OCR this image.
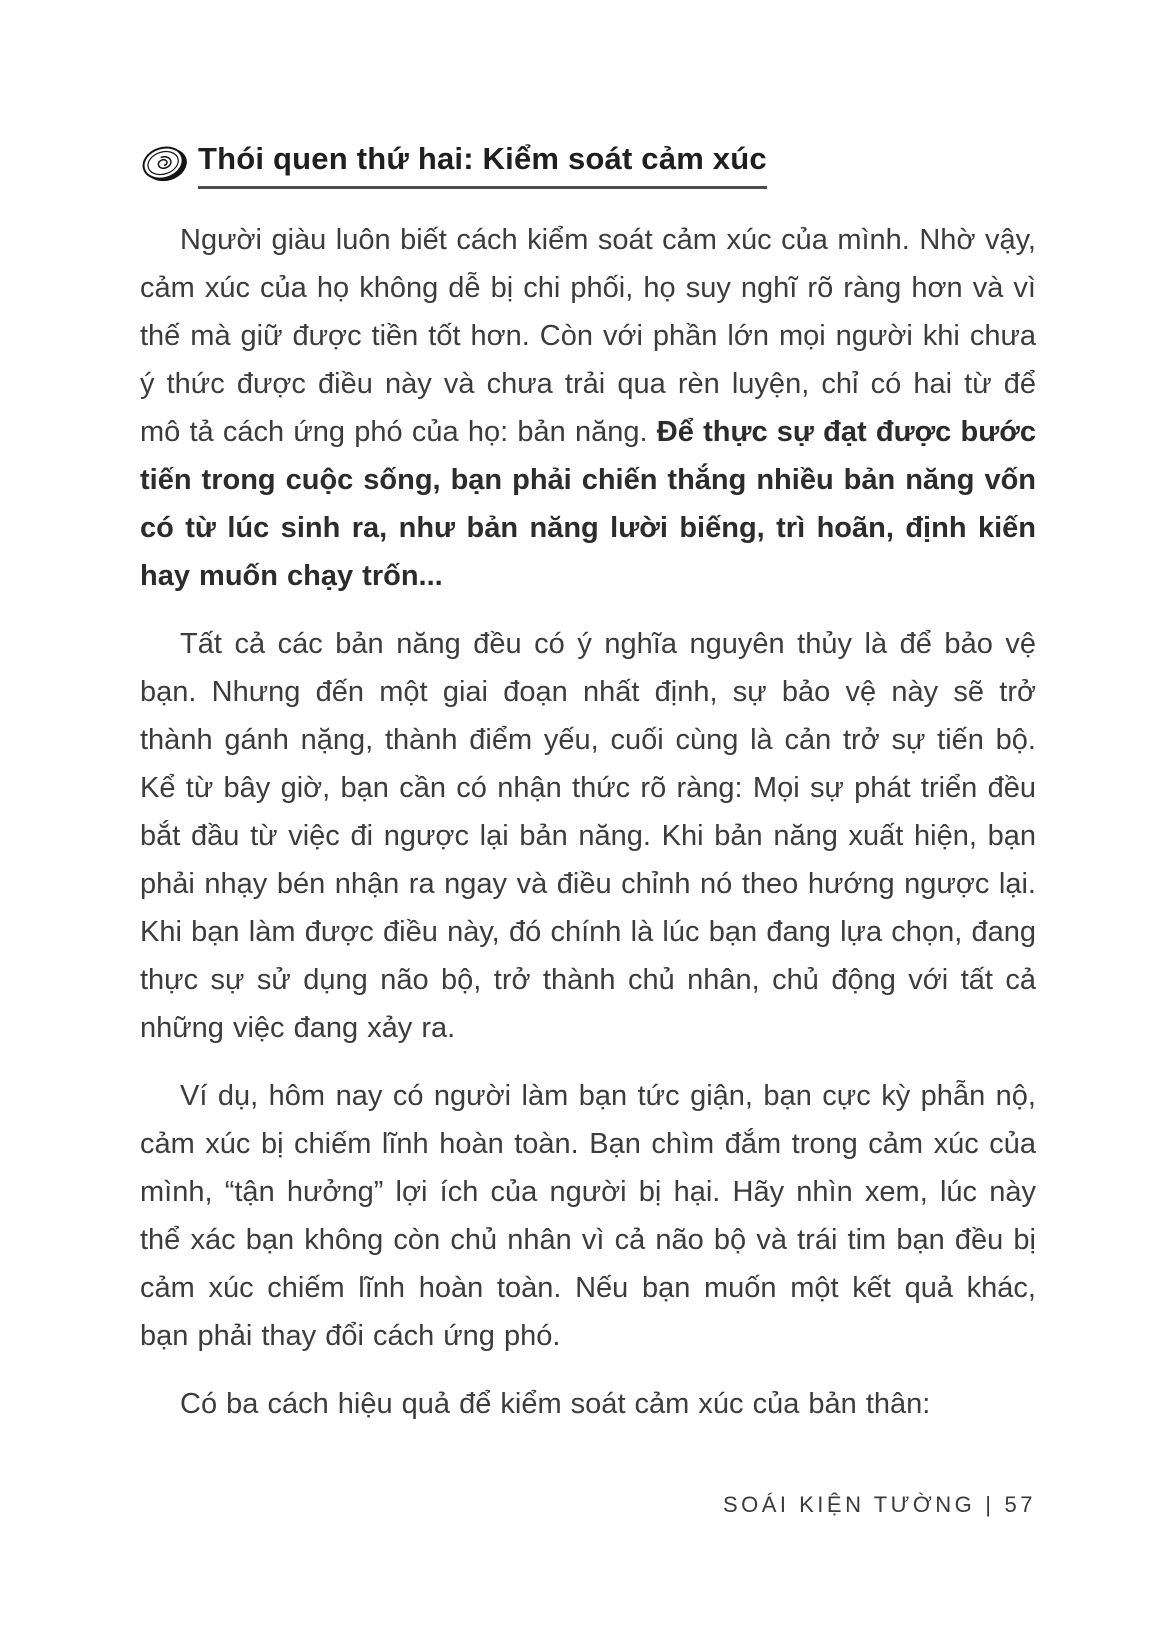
Thói quen thứ hai: Kiểm soát cảm xúc

Người giàu luôn biết cách kiểm soát cảm xúc của mình. Nhờ vậy, cảm xúc của họ không dễ bị chi phối, họ suy nghĩ rõ ràng hơn và vì thế mà giữ được tiền tốt hơn. Còn với phần lớn mọi người khi chưa ý thức được điều này và chưa trải qua rèn luyện, chỉ có hai từ để mô tả cách ứng phó của họ: bản năng. Để thực sự đạt được bước tiến trong cuộc sống, bạn phải chiến thắng nhiều bản năng vốn có từ lúc sinh ra, như bản năng lười biếng, trì hoãn, định kiến hay muốn chạy trốn...

Tất cả các bản năng đều có ý nghĩa nguyên thủy là để bảo vệ bạn. Nhưng đến một giai đoạn nhất định, sự bảo vệ này sẽ trở thành gánh nặng, thành điểm yếu, cuối cùng là cản trở sự tiến bộ. Kể từ bây giờ, bạn cần có nhận thức rõ ràng: Mọi sự phát triển đều bắt đầu từ việc đi ngược lại bản năng. Khi bản năng xuất hiện, bạn phải nhạy bén nhận ra ngay và điều chỉnh nó theo hướng ngược lại. Khi bạn làm được điều này, đó chính là lúc bạn đang lựa chọn, đang thực sự sử dụng não bộ, trở thành chủ nhân, chủ động với tất cả những việc đang xảy ra.

Ví dụ, hôm nay có người làm bạn tức giận, bạn cực kỳ phẫn nộ, cảm xúc bị chiếm lĩnh hoàn toàn. Bạn chìm đắm trong cảm xúc của mình, “tận hưởng” lợi ích của người bị hại. Hãy nhìn xem, lúc này thể xác bạn không còn chủ nhân vì cả não bộ và trái tim bạn đều bị cảm xúc chiếm lĩnh hoàn toàn. Nếu bạn muốn một kết quả khác, bạn phải thay đổi cách ứng phó.

Có ba cách hiệu quả để kiểm soát cảm xúc của bản thân:

SOÁI KIỆN TƯỜNG | 57
